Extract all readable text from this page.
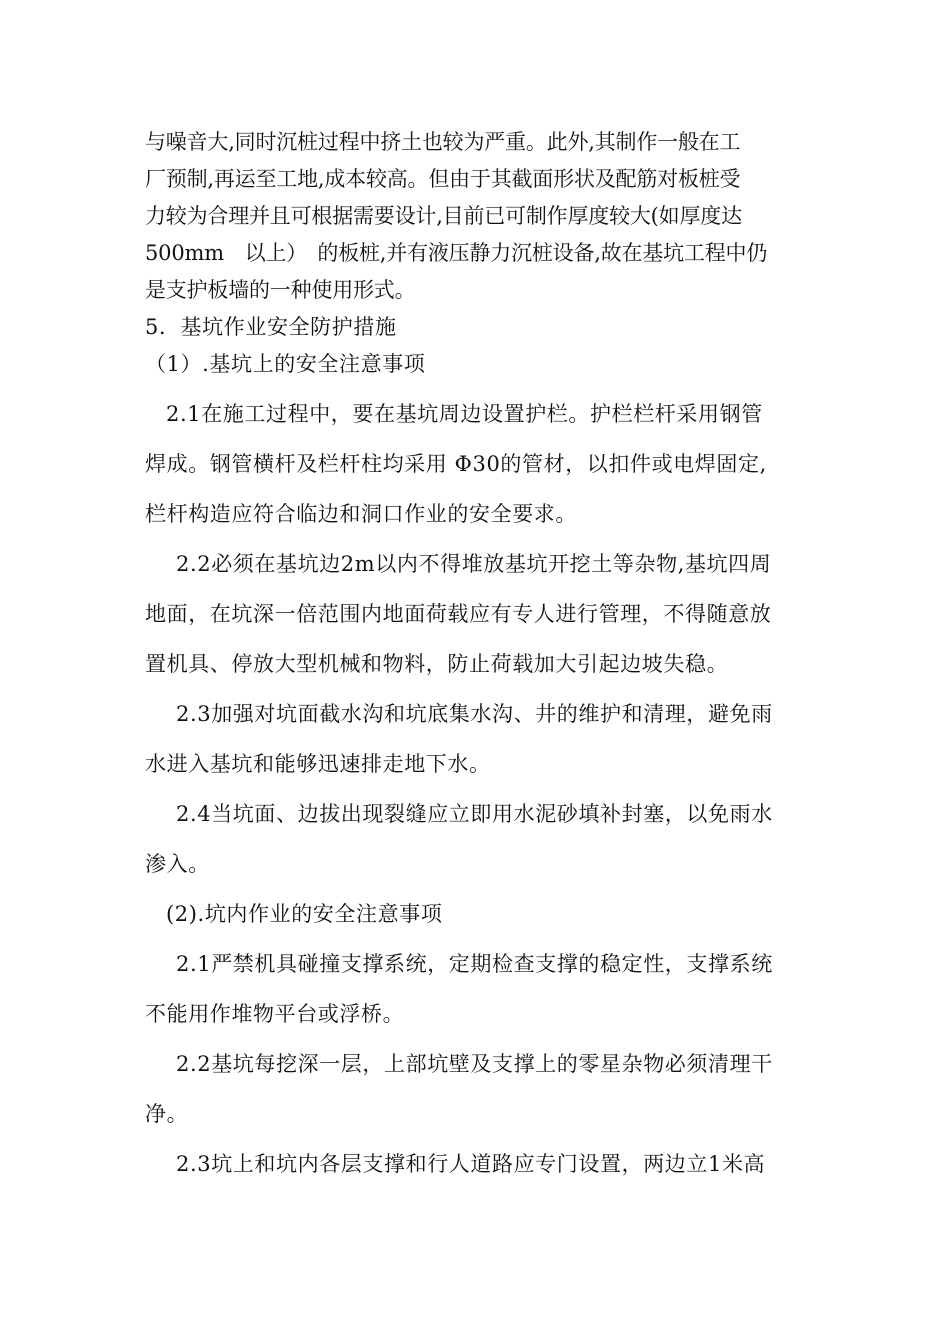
与噪音大,同时沉桩过程中挤土也较为严重。此外,其制作一般在工
厂预制,再运至工地,成本较高。但由于其截面形状及配筋对板桩受
力较为合理并且可根据需要设计,目前已可制作厚度较大(如厚度达
500mm　以上）　的板桩,并有液压静力沉桩设备,故在基坑工程中仍
是支护板墙的一种使用形式。
5．基坑作业安全防护措施
（1）.基坑上的安全注意事项
2.1在施工过程中，要在基坑周边设置护栏。护栏栏杆采用钢管
焊成。钢管横杆及栏杆柱均采用 Φ30的管材，以扣件或电焊固定,
栏杆构造应符合临边和洞口作业的安全要求。
2.2必须在基坑边2m以内不得堆放基坑开挖土等杂物,基坑四周
地面，在坑深一倍范围内地面荷载应有专人进行管理，不得随意放
置机具、停放大型机械和物料，防止荷载加大引起边坡失稳。
2.3加强对坑面截水沟和坑底集水沟、井的维护和清理，避免雨
水进入基坑和能够迅速排走地下水。
2.4当坑面、边拔出现裂缝应立即用水泥砂填补封塞，以免雨水
渗入。
(2).坑内作业的安全注意事项
2.1严禁机具碰撞支撑系统，定期检查支撑的稳定性，支撑系统
不能用作堆物平台或浮桥。
2.2基坑每挖深一层，上部坑壁及支撑上的零星杂物必须清理干
净。
2.3坑上和坑内各层支撑和行人道路应专门设置，两边立1米高
